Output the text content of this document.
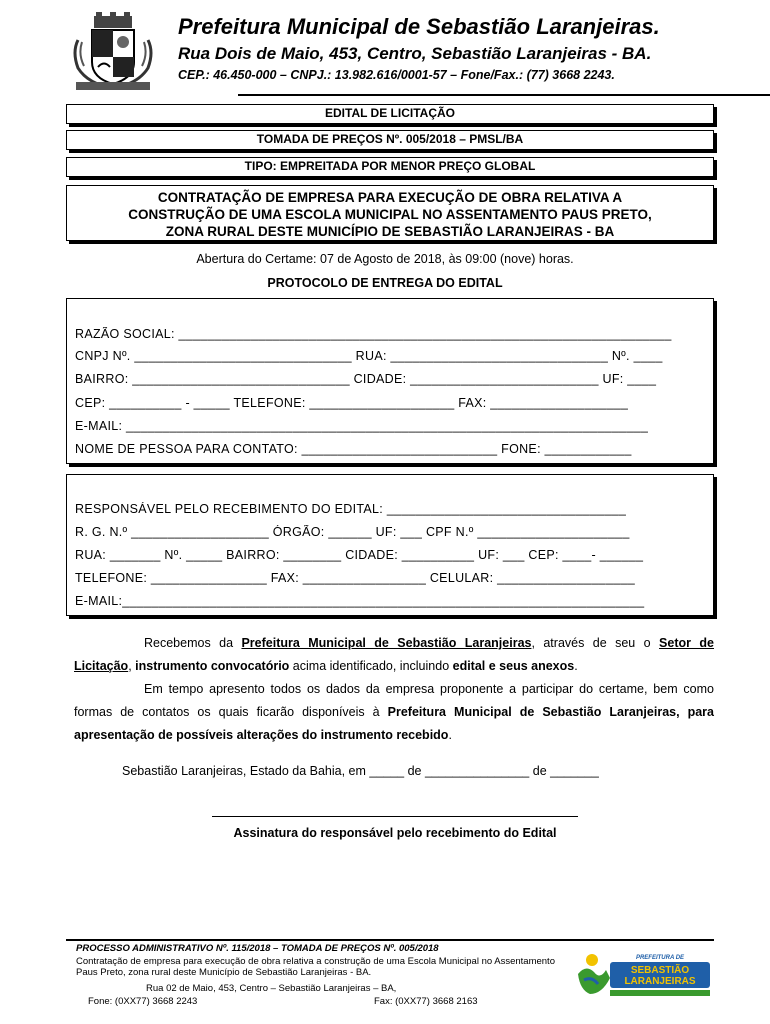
Prefeitura Municipal de Sebastião Laranjeiras.
Rua Dois de Maio, 453, Centro, Sebastião Laranjeiras - BA.
CEP.: 46.450-000 – CNPJ.: 13.982.616/0001-57 – Fone/Fax.: (77) 3668 2243.
EDITAL DE LICITAÇÃO
TOMADA DE PREÇOS Nº. 005/2018 – PMSL/BA
TIPO: EMPREITADA POR MENOR PREÇO GLOBAL
CONTRATAÇÃO DE EMPRESA PARA EXECUÇÃO DE OBRA RELATIVA A
CONSTRUÇÃO DE UMA ESCOLA MUNICIPAL NO ASSENTAMENTO PAUS PRETO,
ZONA RURAL DESTE MUNICÍPIO DE SEBASTIÃO LARANJEIRAS - BA
Abertura do Certame: 07 de Agosto de 2018, às 09:00 (nove) horas.
PROTOCOLO DE ENTREGA DO EDITAL
RAZÃO SOCIAL: ____________________________________________________________________
CNPJ Nº. ______________________________ RUA: ______________________________ Nº. ____
BAIRRO: ______________________________ CIDADE: __________________________ UF: ____
CEP: __________ - _____ TELEFONE: ____________________ FAX: ___________________
E-MAIL: ________________________________________________________________________
NOME DE PESSOA PARA CONTATO: ___________________________ FONE: ____________
RESPONSÁVEL PELO RECEBIMENTO DO EDITAL: _________________________________
R. G. N.º ___________________ ÓRGÃO: ______ UF: ___ CPF N.º _____________________
RUA: _______ Nº. _____ BAIRRO: ________ CIDADE: __________ UF: ___ CEP: ____- ______
TELEFONE: ________________ FAX: _________________ CELULAR: ___________________
E-MAIL:________________________________________________________________________
Recebemos da Prefeitura Municipal de Sebastião Laranjeiras, através de seu o Setor de Licitação, instrumento convocatório acima identificado, incluindo edital e seus anexos.
Em tempo apresento todos os dados da empresa proponente a participar do certame, bem como formas de contatos os quais ficarão disponíveis à Prefeitura Municipal de Sebastião Laranjeiras, para apresentação de possíveis alterações do instrumento recebido.
Sebastião Laranjeiras, Estado da Bahia, em _____ de _______________ de _______
Assinatura do responsável pelo recebimento do Edital
PROCESSO ADMINISTRATIVO Nº. 115/2018 – TOMADA DE PREÇOS Nº. 005/2018
Contratação de empresa para execução de obra relativa a construção de uma Escola Municipal no Assentamento Paus Preto, zona rural deste Município de Sebastião Laranjeiras - BA.
Rua 02 de Maio, 453, Centro – Sebastião Laranjeiras – BA,
Fone: (0XX77) 3668 2243	Fax: (0XX77) 3668 2163
PREFEITURA DE
SEBASTIÃO
LARANJEIRAS
